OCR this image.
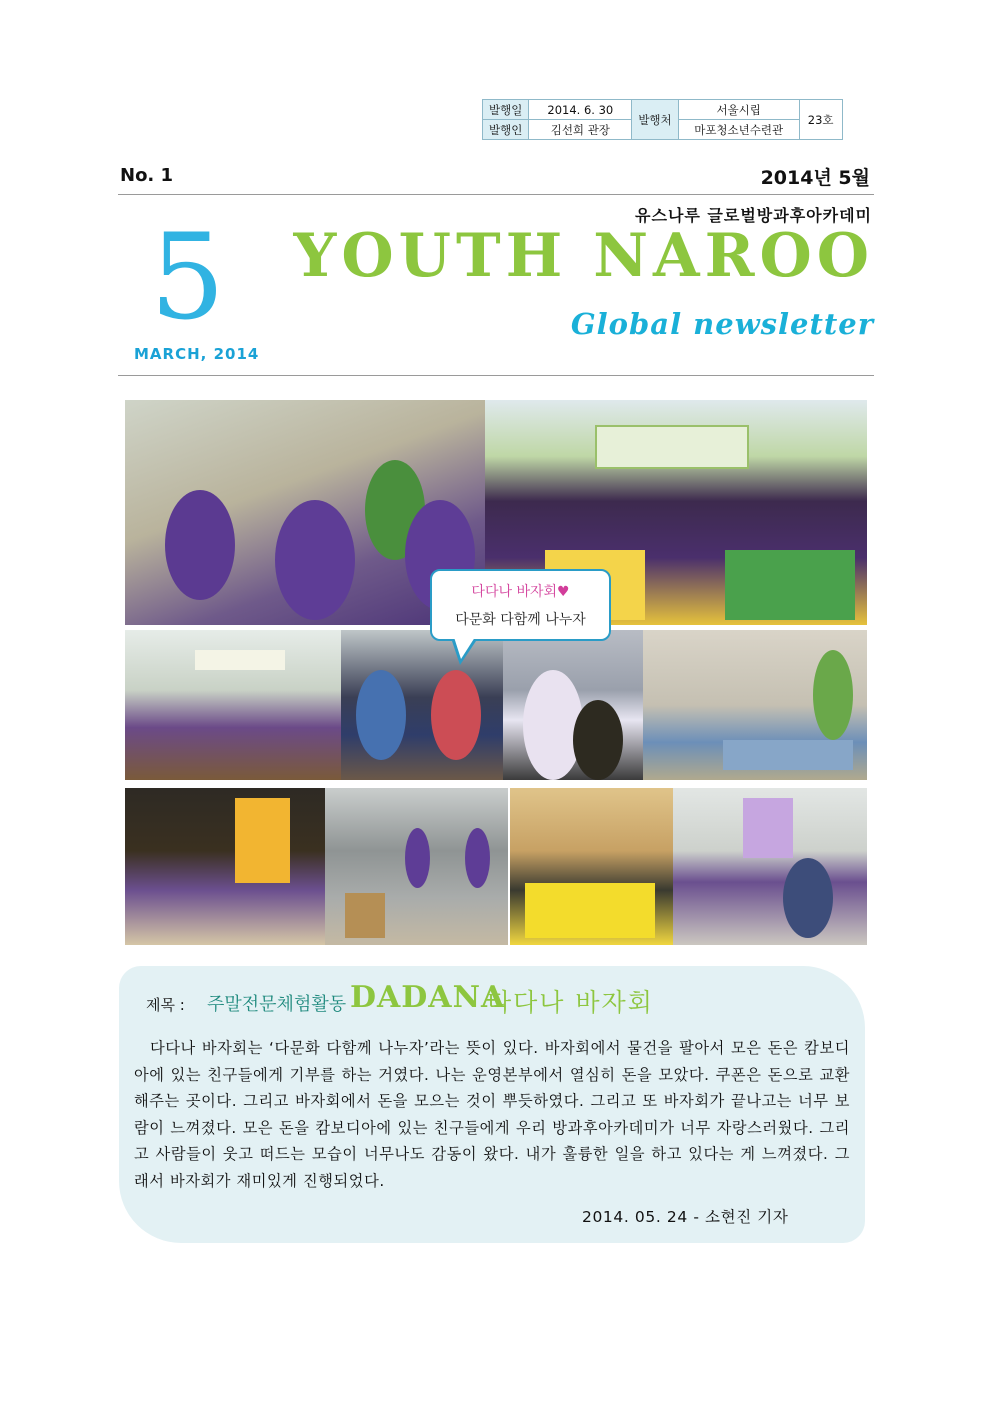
발행일	2014. 6. 30	발행처	서울시립	23호
발행인	김선희 관장		마포청소년수련관	
No. 1	2014년 5월
유스나루 글로벌방과후아카데미
5
MARCH, 2014
YOUTH NAROO
Global newsletter
다다나 바자회♥
다문화 다함께 나누자
제목 : 주말전문체험활동 DADANA
다다나 바자회

다다나 바자회는 ‘다문화 다함께 나누자’라는 뜻이 있다. 바자회에서 물건을 팔아서 모은 돈은 캄보디아에 있는 친구들에게 기부를 하는 거였다. 나는 운영본부에서 열심히 돈을 모았다. 쿠폰은 돈으로 교환해주는 곳이다. 그리고 바자회에서 돈을 모으는 것이 뿌듯하였다. 그리고 또 바자회가 끝나고는 너무 보람이 느껴졌다. 모은 돈을 캄보디아에 있는 친구들에게 우리 방과후아카데미가 너무 자랑스러웠다. 그리고 사람들이 웃고 떠드는 모습이 너무나도 감동이 왔다. 내가 훌륭한 일을 하고 있다는 게 느껴졌다. 그래서 바자회가 재미있게 진행되었다.

2014. 05. 24 - 소현진 기자
